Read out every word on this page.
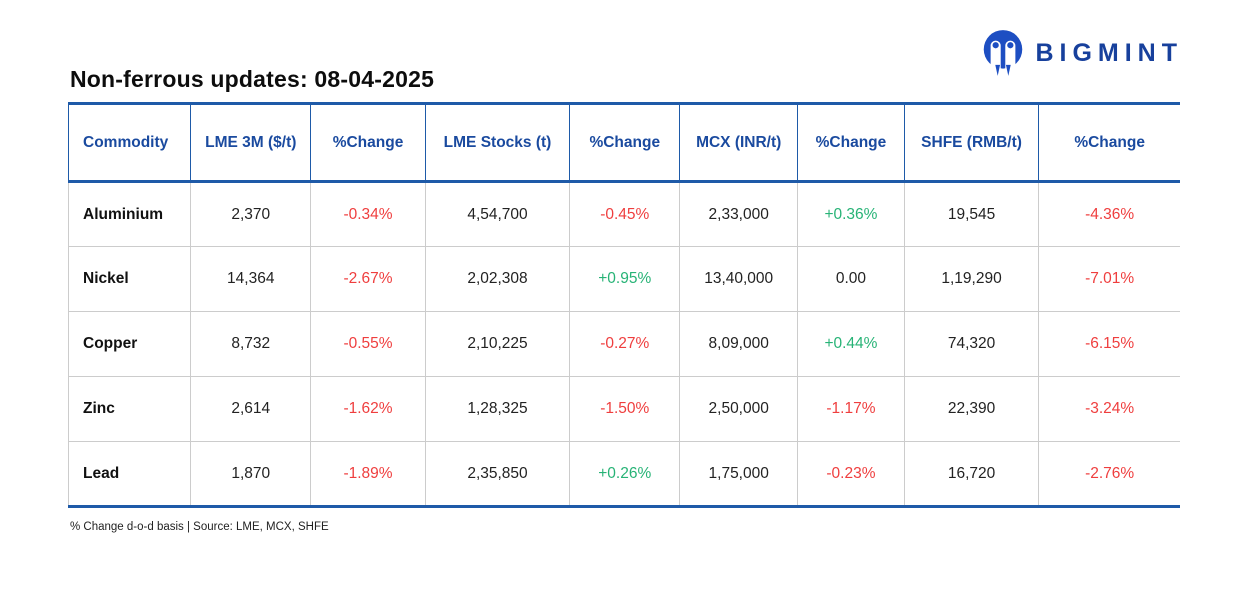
BIGMINT
Non-ferrous updates: 08-04-2025
Commodity	LME 3M ($/t)	%Change	LME Stocks (t)	%Change	MCX (INR/t)	%Change	SHFE (RMB/t)	%Change
Aluminium	2,370	-0.34%	4,54,700	-0.45%	2,33,000	+0.36%	19,545	-4.36%
Nickel	14,364	-2.67%	2,02,308	+0.95%	13,40,000	0.00	1,19,290	-7.01%
Copper	8,732	-0.55%	2,10,225	-0.27%	8,09,000	+0.44%	74,320	-6.15%
Zinc	2,614	-1.62%	1,28,325	-1.50%	2,50,000	-1.17%	22,390	-3.24%
Lead	1,870	-1.89%	2,35,850	+0.26%	1,75,000	-0.23%	16,720	-2.76%
% Change d-o-d basis | Source: LME, MCX, SHFE
